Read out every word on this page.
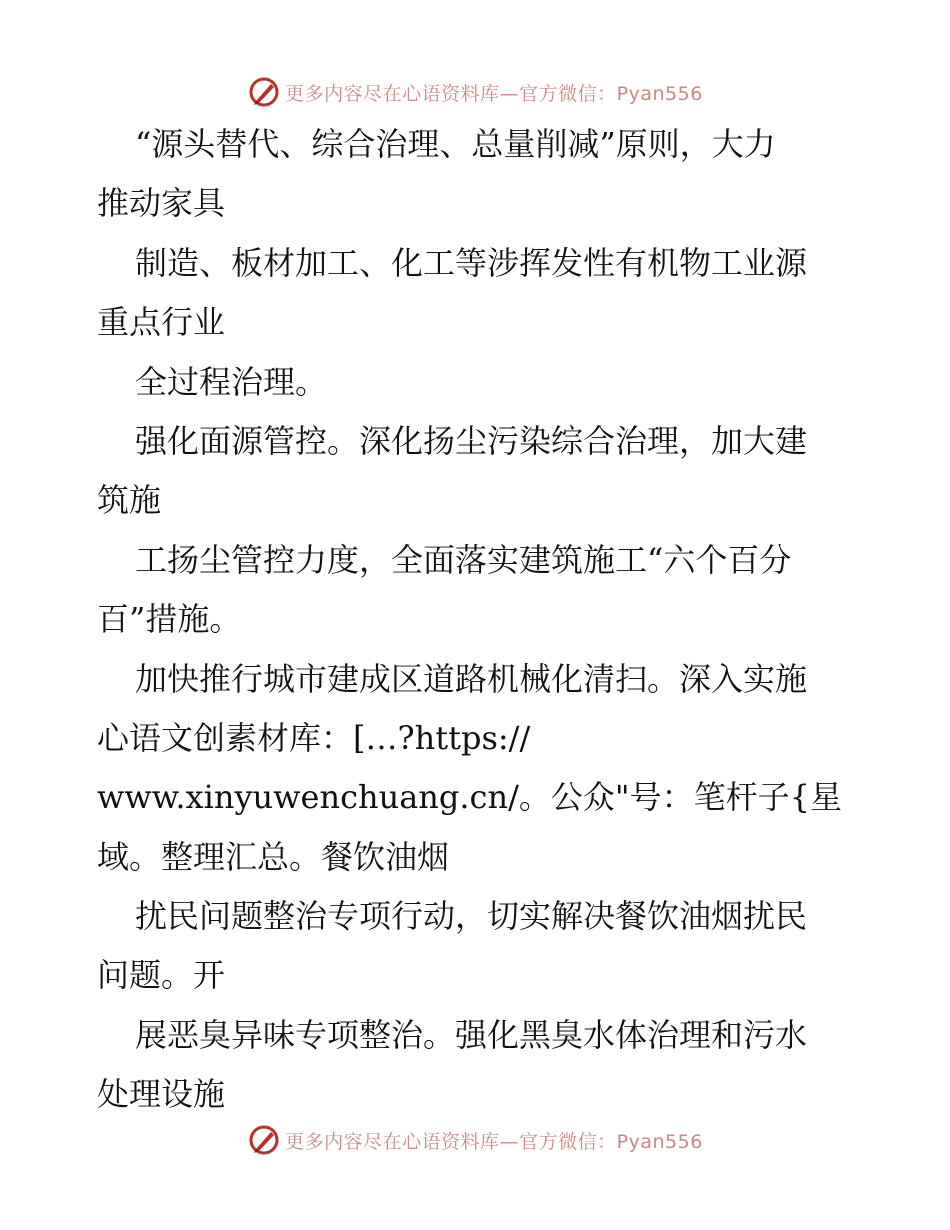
更多内容尽在心语资料库—官方微信：Pyan556
“源头替代、综合治理、总量削减”原则，大力
推动家具
制造、板材加工、化工等涉挥发性有机物工业源
重点行业
全过程治理。
强化面源管控。深化扬尘污染综合治理，加大建
筑施
工扬尘管控力度，全面落实建筑施工“六个百分
百”措施。
加快推行城市建成区道路机械化清扫。深入实施
心语文创素材库：[…?https://
www.xinyuwenchuang.cn/。公众"号：笔杆子{星
域。整理汇总。餐饮油烟
扰民问题整治专项行动，切实解决餐饮油烟扰民
问题。开
展恶臭异味专项整治。强化黑臭水体治理和污水
处理设施
更多内容尽在心语资料库—官方微信：Pyan556
